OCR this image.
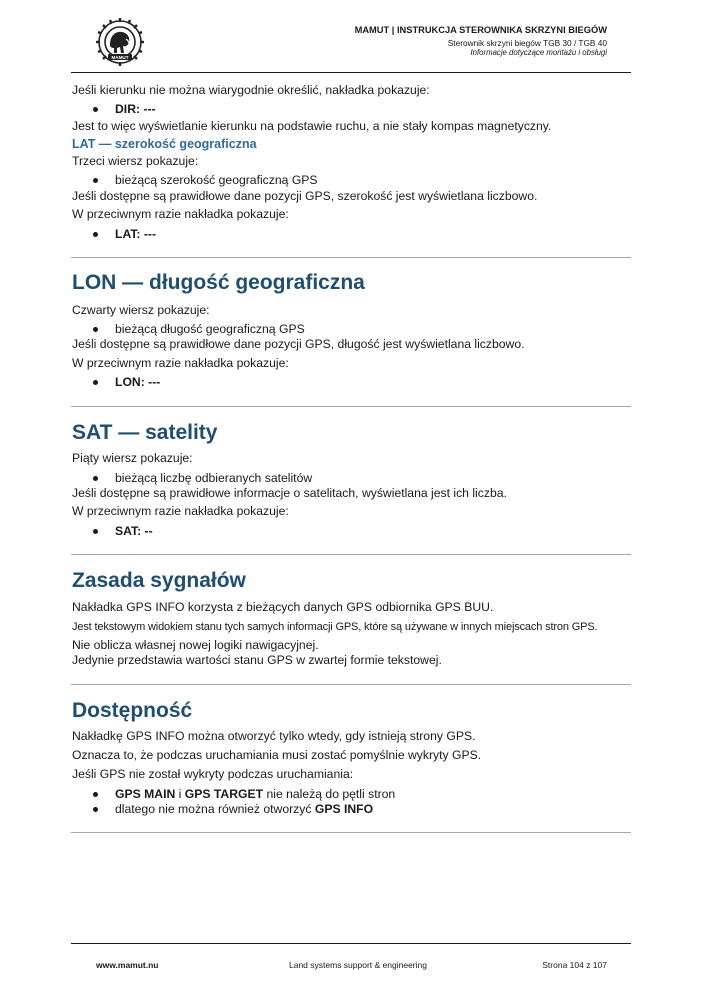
MAMUT
MAMUT | INSTRUKCJA STEROWNIKA SKRZYNI BIEGÓW
Sterownik skrzyni biegów TGB 30 / TGB 40
Informacje dotyczące montażu i obsługi
Jeśli kierunku nie można wiarygodnie określić, nakładka pokazuje:
DIR: ---
Jest to więc wyświetlanie kierunku na podstawie ruchu, a nie stały kompas magnetyczny.
LAT — szerokość geograficzna
Trzeci wiersz pokazuje:
bieżącą szerokość geograficzną GPS
Jeśli dostępne są prawidłowe dane pozycji GPS, szerokość jest wyświetlana liczbowo.
W przeciwnym razie nakładka pokazuje:
LAT: ---
LON — długość geograficzna
Czwarty wiersz pokazuje:
bieżącą długość geograficzną GPS
Jeśli dostępne są prawidłowe dane pozycji GPS, długość jest wyświetlana liczbowo.
W przeciwnym razie nakładka pokazuje:
LON: ---
SAT — satelity
Piąty wiersz pokazuje:
bieżącą liczbę odbieranych satelitów
Jeśli dostępne są prawidłowe informacje o satelitach, wyświetlana jest ich liczba.
W przeciwnym razie nakładka pokazuje:
SAT: --
Zasada sygnałów
Nakładka GPS INFO korzysta z bieżących danych GPS odbiornika GPS BUU.
Jest tekstowym widokiem stanu tych samych informacji GPS, które są używane w innych miejscach stron GPS.
Nie oblicza własnej nowej logiki nawigacyjnej.
Jedynie przedstawia wartości stanu GPS w zwartej formie tekstowej.
Dostępność
Nakładkę GPS INFO można otworzyć tylko wtedy, gdy istnieją strony GPS.
Oznacza to, że podczas uruchamiania musi zostać pomyślnie wykryty GPS.
Jeśli GPS nie został wykryty podczas uruchamiania:
GPS MAIN i GPS TARGET nie należą do pętli stron
dlatego nie można również otworzyć GPS INFO
www.mamut.nu	Land systems support & engineering	Strona 104 z 107
